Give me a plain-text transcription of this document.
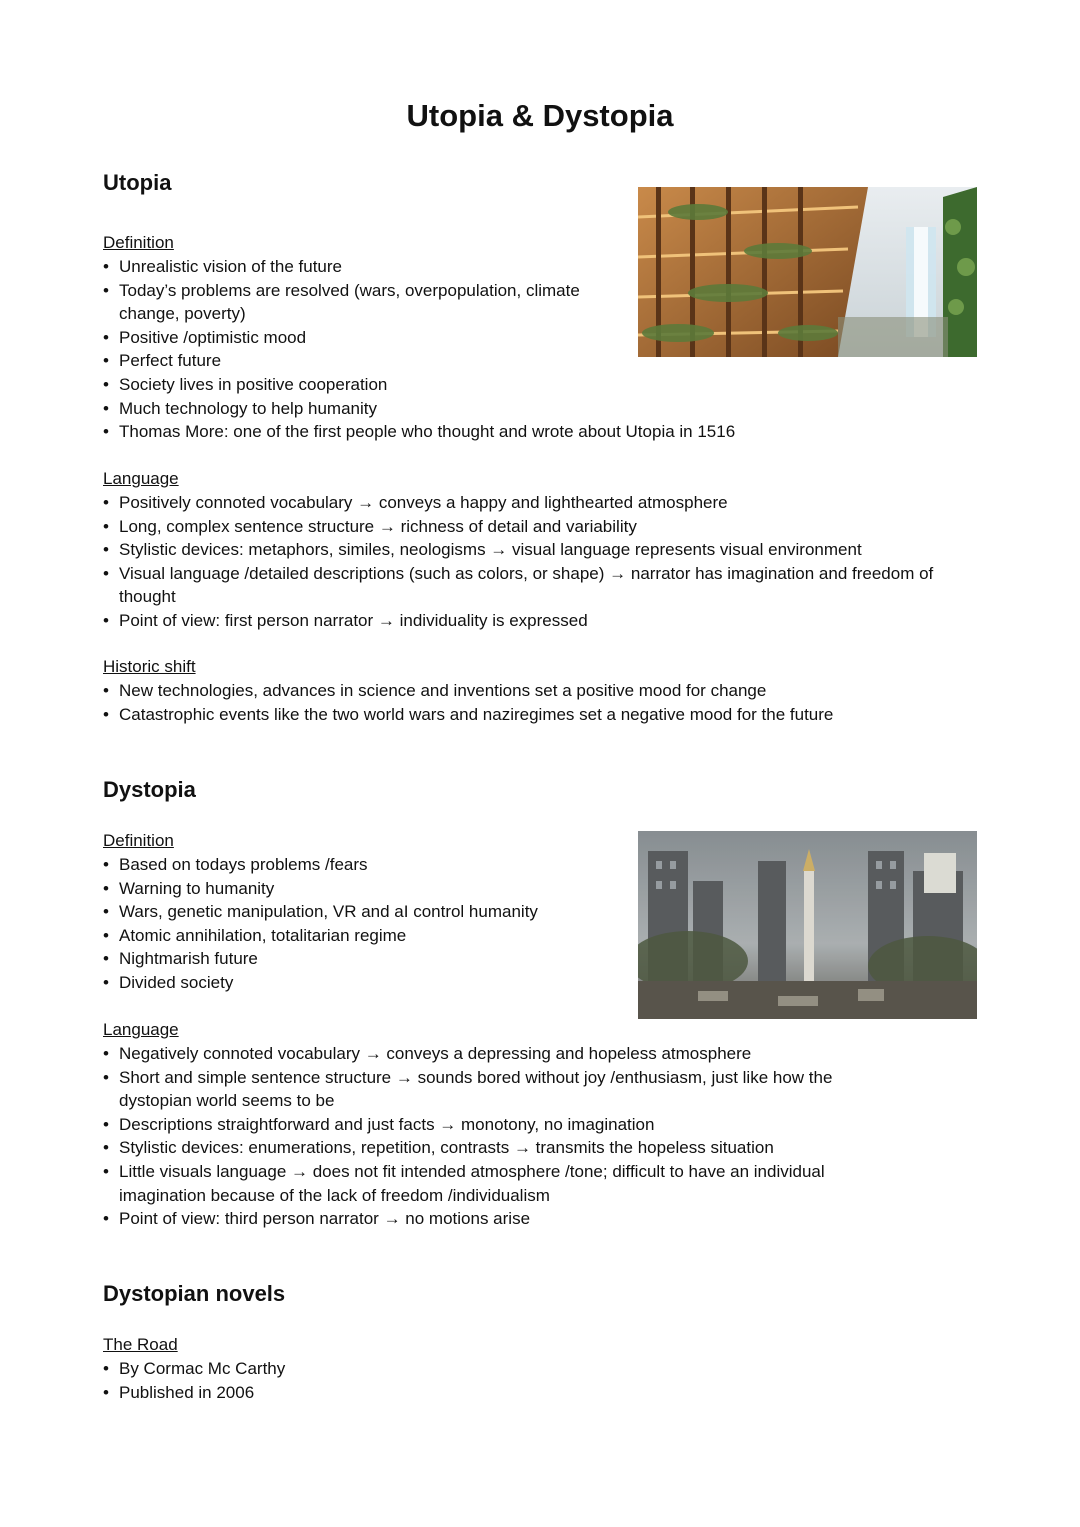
Utopia & Dystopia
Utopia
Definition
• Unrealistic vision of the future
• Today’s problems are resolved (wars, overpopulation, climate change, poverty)
• Positive /optimistic mood
• Perfect future
• Society lives in positive cooperation
• Much technology to help humanity
• Thomas More: one of the first people who thought and wrote about Utopia in 1516
Language
• Positively connoted vocabulary → conveys a happy and lighthearted atmosphere
• Long, complex sentence structure → richness of detail and variability
• Stylistic devices: metaphors, similes, neologisms → visual language represents visual environment
• Visual language /detailed descriptions (such as colors, or shape) → narrator has imagination and freedom of thought
• Point of view: first person narrator → individuality is expressed
Historic shift
• New technologies, advances in science and inventions set a positive mood for change
• Catastrophic events like the two world wars and naziregimes set a negative mood for the future
Dystopia
Definition
• Based on todays problems /fears
• Warning to humanity
• Wars, genetic manipulation, VR and aI control humanity
• Atomic annihilation, totalitarian regime
• Nightmarish future
• Divided society
Language
• Negatively connoted vocabulary → conveys a depressing and hopeless atmosphere
• Short and simple sentence structure → sounds bored without joy /enthusiasm, just like how the dystopian world seems to be
• Descriptions straightforward and just facts → monotony, no imagination
• Stylistic devices: enumerations, repetition, contrasts → transmits the hopeless situation
• Little visuals language → does not fit intended atmosphere /tone; difficult to have an individual imagination because of the lack of freedom /individualism
• Point of view: third person narrator → no motions arise
Dystopian novels
The Road
• By Cormac Mc Carthy
• Published in 2006
